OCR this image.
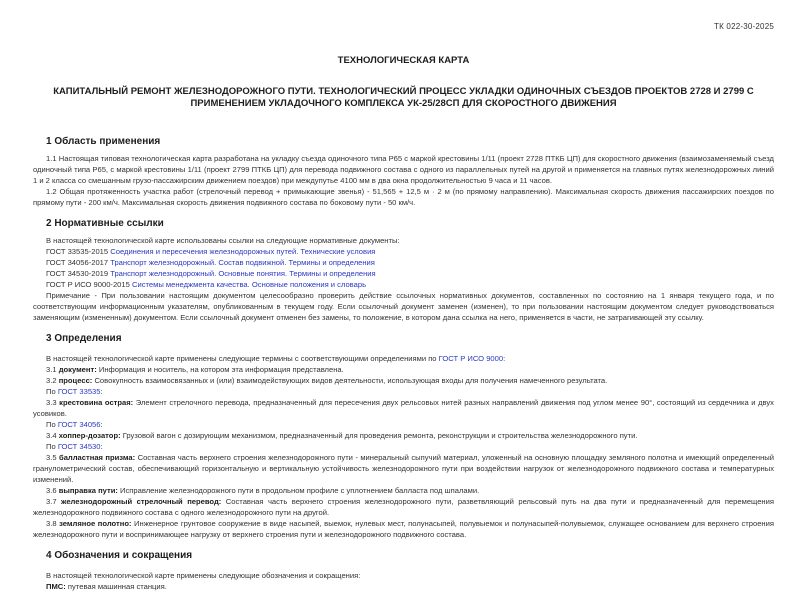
ТК 022-30-2025
ТЕХНОЛОГИЧЕСКАЯ КАРТА
КАПИТАЛЬНЫЙ РЕМОНТ ЖЕЛЕЗНОДОРОЖНОГО ПУТИ. ТЕХНОЛОГИЧЕСКИЙ ПРОЦЕСС УКЛАДКИ ОДИНОЧНЫХ СЪЕЗДОВ ПРОЕКТОВ 2728 И 2799 С ПРИМЕНЕНИЕМ УКЛАДОЧНОГО КОМПЛЕКСА УК-25/28СП ДЛЯ СКОРОСТНОГО ДВИЖЕНИЯ
1 Область применения

1.1 Настоящая типовая технологическая карта разработана на укладку съезда одиночного типа Р65 с маркой крестовины 1/11 (проект 2728 ПТКБ ЦП) для скоростного движения (взаимозаменяемый съезд одиночный типа Р65, с маркой крестовины 1/11 (проект 2799 ПТКБ ЦП) для перевода подвижного состава с одного из параллельных путей на другой и применяется на главных путях железнодорожных линий 1 и 2 класса со смешанным грузо-пассажирским движением поездов) при междупутье 4100 мм в два окна продолжительностью 9 часа и 11 часов.

1.2 Общая протяженность участка работ (стрелочный перевод + примыкающие звенья) - 51,565 + 12,5 м · 2 м (по прямому направлению). Максимальная скорость движения пассажирских поездов по прямому пути - 200 км/ч. Максимальная скорость движения подвижного состава по боковому пути - 50 км/ч.

2 Нормативные ссылки

В настоящей технологической карте использованы ссылки на следующие нормативные документы:

ГОСТ 33535-2015 Соединения и пересечения железнодорожных путей. Технические условия

ГОСТ 34056-2017 Транспорт железнодорожный. Состав подвижной. Термины и определения

ГОСТ 34530-2019 Транспорт железнодорожный. Основные понятия. Термины и определения

ГОСТ Р ИСО 9000-2015 Системы менеджмента качества. Основные положения и словарь

Примечание - При пользовании настоящим документом целесообразно проверить действие ссылочных нормативных документов, составленных по состоянию на 1 января текущего года, и по соответствующим информационным указателям, опубликованным в текущем году. Если ссылочный документ заменен (изменен), то при пользовании настоящим документом следует руководствоваться заменяющим (измененным) документом. Если ссылочный документ отменен без замены, то положение, в котором дана ссылка на него, применяется в части, не затрагивающей эту ссылку.

3 Определения

В настоящей технологической карте применены следующие термины с соответствующими определениями по ГОСТ Р ИСО 9000:

3.1 документ: Информация и носитель, на котором эта информация представлена.

3.2 процесс: Совокупность взаимосвязанных и (или) взаимодействующих видов деятельности, использующая входы для получения намеченного результата.

По ГОСТ 33535:

3.3 крестовина острая: Элемент стрелочного перевода, предназначенный для пересечения двух рельсовых нитей разных направлений движения под углом менее 90°, состоящий из сердечника и двух усовиков.

По ГОСТ 34056:

3.4 хоппер-дозатор: Грузовой вагон с дозирующим механизмом, предназначенный для проведения ремонта, реконструкции и строительства железнодорожного пути.

По ГОСТ 34530:

3.5 балластная призма: Составная часть верхнего строения железнодорожного пути - минеральный сыпучий материал, уложенный на основную площадку земляного полотна и имеющий определенный гранулометрический состав, обеспечивающий горизонтальную и вертикальную устойчивость железнодорожного пути при воздействии нагрузок от железнодорожного подвижного состава и температурных изменений.

3.6 выправка пути: Исправление железнодорожного пути в продольном профиле с уплотнением балласта под шпалами.

3.7 железнодорожный стрелочный перевод: Составная часть верхнего строения железнодорожного пути, разветвляющий рельсовый путь на два пути и предназначенный для перемещения железнодорожного подвижного состава с одного железнодорожного пути на другой.

3.8 земляное полотно: Инженерное грунтовое сооружение в виде насыпей, выемок, нулевых мест, полунасыпей, полувыемок и полунасыпей-полувыемок, служащее основанием для верхнего строения железнодорожного пути и воспринимающее нагрузку от верхнего строения пути и железнодорожного подвижного состава.

4 Обозначения и сокращения

В настоящей технологической карте применены следующие обозначения и сокращения:

ПМС: путевая машинная станция.
